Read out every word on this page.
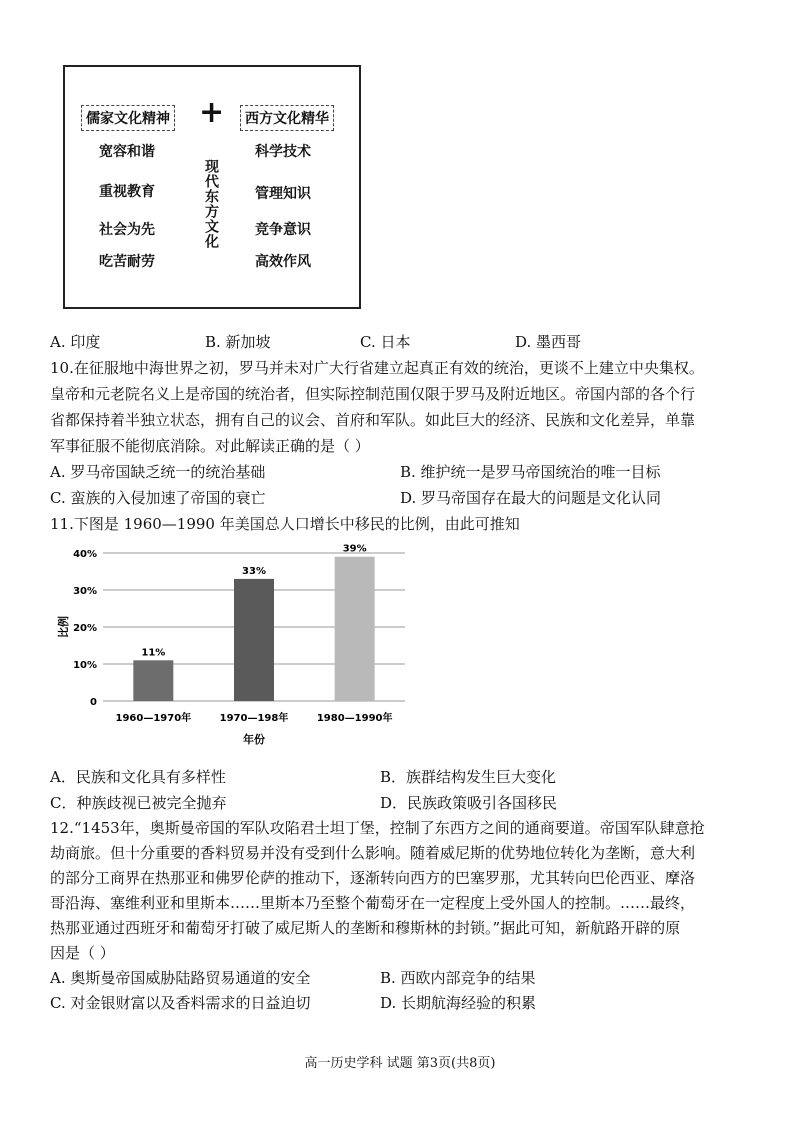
儒家文化精神 +	西方文化精华
现代东方文化
宽容和谐
重视教育
社会为先
吃苦耐劳
科学技术
管理知识
竞争意识
高效作风
A. 印度	B. 新加坡	C. 日本	D. 墨西哥
10.在征服地中海世界之初，罗马并未对广大行省建立起真正有效的统治，更谈不上建立中央集权。
皇帝和元老院名义上是帝国的统治者，但实际控制范围仅限于罗马及附近地区。帝国内部的各个行
省都保持着半独立状态，拥有自己的议会、首府和军队。如此巨大的经济、民族和文化差异，单靠
军事征服不能彻底消除。对此解读正确的是（ ）
A. 罗马帝国缺乏统一的统治基础	B. 维护统一是罗马帝国统治的唯一目标
C. 蛮族的入侵加速了帝国的衰亡	D. 罗马帝国存在最大的问题是文化认同
11.下图是 1960—1990 年美国总人口增长中移民的比例，由此可推知
0
10%
20%
30%
40%
11%
33%
39%
1960—1970年	1970—198年	1980—1990年
比例
年份
A．民族和文化具有多样性	B．族群结构发生巨大变化
C．种族歧视已被完全抛弃	D．民族政策吸引各国移民
12.“1453年，奥斯曼帝国的军队攻陷君士坦丁堡，控制了东西方之间的通商要道。帝国军队肆意抢
劫商旅。但十分重要的香料贸易并没有受到什么影响。随着威尼斯的优势地位转化为垄断，意大利
的部分工商界在热那亚和佛罗伦萨的推动下，逐渐转向西方的巴塞罗那，尤其转向巴伦西亚、摩洛
哥沿海、塞维利亚和里斯本……里斯本乃至整个葡萄牙在一定程度上受外国人的控制。……最终，
热那亚通过西班牙和葡萄牙打破了威尼斯人的垄断和穆斯林的封锁。”据此可知，新航路开辟的原
因是（ ）
A. 奥斯曼帝国威胁陆路贸易通道的安全	B. 西欧内部竞争的结果
C. 对金银财富以及香料需求的日益迫切	D. 长期航海经验的积累
高一历史学科 试题 第3页(共8页)
